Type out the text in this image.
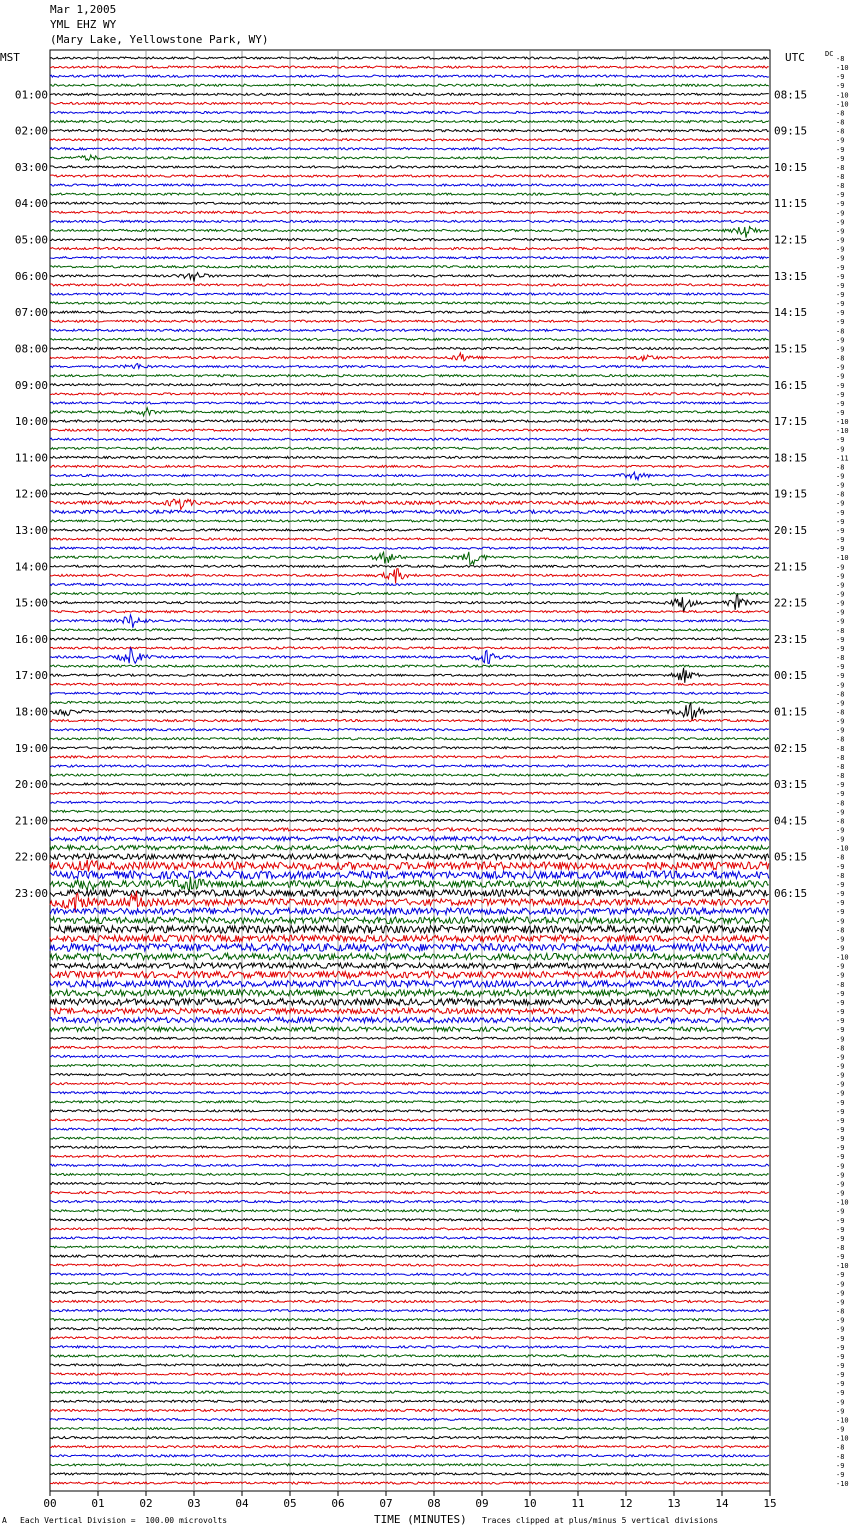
Mar 1,2005
YML EHZ WY
(Mary Lake, Yellowstone Park, WY)
MST	UTC	DC
00	01	02	03	04	05	06	07	08	09	10	11	12	13	14	15
01:00
02:00
03:00
04:00
05:00
06:00
07:00
08:00
09:00
10:00
11:00
12:00
13:00
14:00
15:00
16:00
17:00
18:00
19:00
20:00
21:00
22:00
23:00
08:15
09:15
10:15
11:15
12:15
13:15
14:15
15:15
16:15
17:15
18:15
19:15
20:15
21:15
22:15
23:15
00:15
01:15
02:15
03:15
04:15
05:15
06:15
-8
-10
-9
-9
-10
-10
-8
-8
-8
-9
-9
-9
-8
-8
-8
-9
-9
-9
-9
-9
-9
-9
-9
-9
-9
-9
-9
-9
-9
-9
-8
-9
-9
-8
-9
-9
-9
-9
-9
-9
-10
-10
-9
-9
-11
-8
-9
-9
-8
-9
-9
-9
-9
-9
-9
-10
-9
-9
-9
-9
-9
-9
-9
-8
-9
-9
-8
-9
-9
-9
-8
-9
-8
-9
-9
-8
-8
-8
-8
-8
-9
-9
-8
-9
-8
-9
-9
-10
-8
-9
-8
-9
-9
-9
-9
-9
-8
-9
-9
-10
-9
-9
-8
-9
-9
-9
-9
-9
-9
-8
-9
-9
-9
-9
-9
-9
-9
-9
-9
-9
-9
-9
-9
-9
-9
-9
-10
-9
-9
-9
-9
-8
-9
-10
-9
-9
-9
-9
-8
-9
-9
-9
-9
-9
-9
-9
-9
-9
-9
-9
-10
-9
-10
-8
-8
-9
-9
-10
A Each Vertical Division =  100.00 microvolts	TIME (MINUTES) Traces clipped at plus/minus 5 vertical divisions
